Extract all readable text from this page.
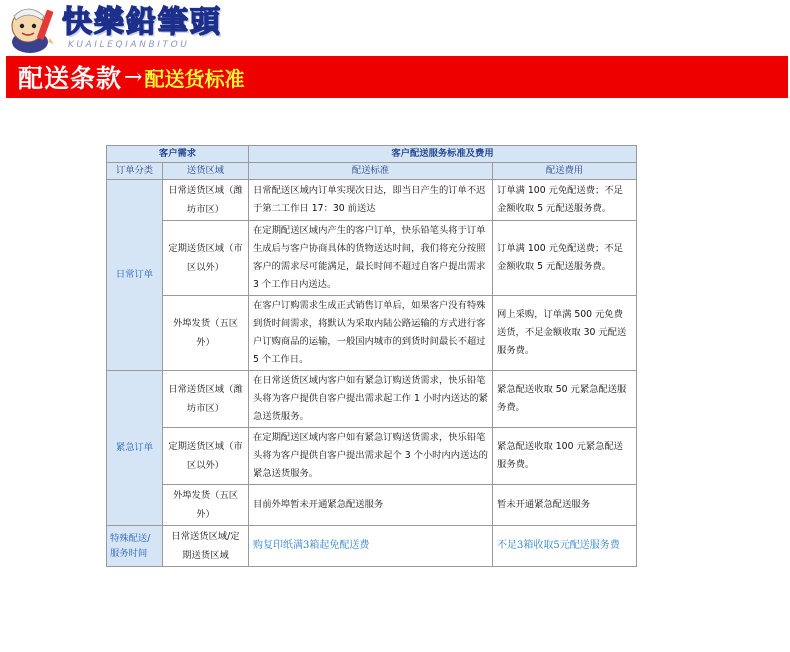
快樂鉛筆頭
KUAILEQIANBITOU
配送条款 → 配送货标准
客户需求		客户配送服务标准及费用	
订单分类	送货区域	配送标准	配送费用
日常订单	日常送货区域（潍坊市区）	日常配送区域内订单实现次日达，即当日产生的订单不迟于第二工作日 17：30 前送达	订单满 100 元免配送费；不足金额收取 5 元配送服务费。
	定期送货区域（市区以外）	在定期配送区域内产生的客户订单，快乐铅笔头将于订单生成后与客户协商具体的货物送达时间，我们将充分按照客户的需求尽可能满足，最长时间不超过自客户提出需求 3 个工作日内送达。	订单满 100 元免配送费；不足金额收取 5 元配送服务费。
	外埠发货（五区外）	在客户订购需求生成正式销售订单后，如果客户没有特殊到货时间需求，将默认为采取内陆公路运输的方式进行客户订购商品的运输，一般国内城市的到货时间最长不超过 5 个工作日。	网上采购，订单满 500 元免费送货，不足金额收取 30 元配送服务费。
紧急订单	日常送货区域（潍坊市区）	在日常送货区域内客户如有紧急订购送货需求，快乐铅笔头将为客户提供自客户提出需求起工作 1 小时内送达的紧急送货服务。	紧急配送收取 50 元紧急配送服务费。
	定期送货区域（市区以外）	在定期配送区域内客户如有紧急订购送货需求，快乐铅笔头将为客户提供自客户提出需求起个 3 个小时内内送达的紧急送货服务。	紧急配送收取 100 元紧急配送服务费。
	外埠发货（五区外）	目前外埠暂未开通紧急配送服务	暂未开通紧急配送服务
特殊配送/服务时间	日常送货区域/定期送货区域	购复印纸满3箱起免配送费	不足3箱收取5元配送服务费
